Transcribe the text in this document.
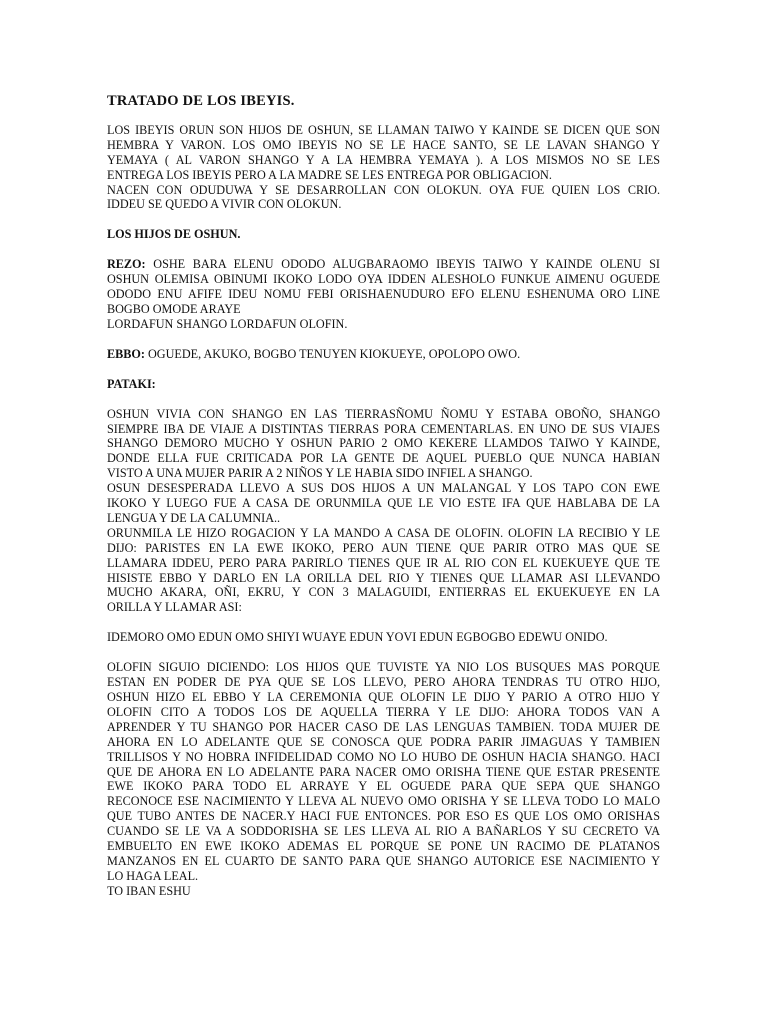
TRATADO DE LOS IBEYIS.
LOS IBEYIS ORUN SON HIJOS DE OSHUN, SE LLAMAN TAIWO Y KAINDE SE DICEN QUE SON
HEMBRA Y VARON. LOS OMO IBEYIS NO SE LE HACE SANTO, SE LE LAVAN SHANGO Y
YEMAYA ( AL VARON SHANGO Y A LA HEMBRA YEMAYA ). A LOS MISMOS NO SE LES
ENTREGA LOS IBEYIS PERO A LA MADRE SE LES ENTREGA POR OBLIGACION.
NACEN CON ODUDUWA Y SE DESARROLLAN CON OLOKUN. OYA FUE QUIEN LOS CRIO.
IDDEU SE QUEDO A VIVIR CON OLOKUN.
LOS HIJOS DE OSHUN.
REZO: OSHE BARA ELENU ODODO ALUGBARAOMO IBEYIS TAIWO Y KAINDE OLENU SI
OSHUN OLEMISA OBINUMI IKOKO LODO OYA IDDEN ALESHOLO FUNKUE AIMENU OGUEDE
ODODO ENU AFIFE IDEU NOMU FEBI ORISHAENUDURO EFO ELENU ESHENUMA ORO LINE
BOGBO OMODE ARAYE
LORDAFUN SHANGO LORDAFUN OLOFIN.
EBBO: OGUEDE, AKUKO, BOGBO TENUYEN KIOKUEYE, OPOLOPO OWO.
PATAKI:
OSHUN VIVIA CON SHANGO EN LAS TIERRASÑOMU ÑOMU Y ESTABA OBOÑO, SHANGO
SIEMPRE IBA DE VIAJE A DISTINTAS TIERRAS PORA CEMENTARLAS. EN UNO DE SUS VIAJES
SHANGO DEMORO MUCHO Y OSHUN PARIO 2 OMO KEKERE LLAMDOS TAIWO Y KAINDE,
DONDE ELLA FUE CRITICADA POR LA GENTE DE AQUEL PUEBLO QUE NUNCA HABIAN
VISTO A UNA MUJER PARIR A 2 NIÑOS Y LE HABIA SIDO INFIEL A SHANGO.
OSUN DESESPERADA LLEVO A SUS DOS HIJOS A UN MALANGAL Y LOS TAPO CON EWE
IKOKO Y LUEGO FUE A CASA DE ORUNMILA QUE LE VIO ESTE IFA QUE HABLABA DE LA
LENGUA Y DE LA CALUMNIA..
ORUNMILA LE HIZO ROGACION Y LA MANDO A CASA DE OLOFIN. OLOFIN LA RECIBIO Y LE
DIJO: PARISTES EN LA EWE IKOKO, PERO AUN TIENE QUE PARIR OTRO MAS QUE SE
LLAMARA IDDEU, PERO PARA PARIRLO TIENES QUE IR AL RIO CON EL KUEKUEYE QUE TE
HISISTE EBBO Y DARLO EN LA ORILLA DEL RIO Y TIENES QUE LLAMAR ASI LLEVANDO
MUCHO AKARA, OÑI, EKRU, Y CON 3 MALAGUIDI, ENTIERRAS EL EKUEKUEYE EN LA
ORILLA Y LLAMAR ASI:
IDEMORO OMO EDUN OMO SHIYI WUAYE EDUN YOVI EDUN EGBOGBO EDEWU ONIDO.
OLOFIN SIGUIO DICIENDO: LOS HIJOS QUE TUVISTE YA NIO LOS BUSQUES MAS PORQUE
ESTAN EN PODER DE PYA QUE SE LOS LLEVO, PERO AHORA TENDRAS TU OTRO HIJO,
OSHUN HIZO EL EBBO Y LA CEREMONIA QUE OLOFIN LE DIJO Y PARIO A OTRO HIJO Y
OLOFIN CITO A TODOS LOS DE AQUELLA TIERRA Y LE DIJO: AHORA TODOS VAN A
APRENDER Y TU SHANGO POR HACER CASO DE LAS LENGUAS TAMBIEN. TODA MUJER DE
AHORA EN LO ADELANTE QUE SE CONOSCA QUE PODRA PARIR JIMAGUAS Y TAMBIEN
TRILLISOS Y NO HOBRA INFIDELIDAD COMO NO LO HUBO DE OSHUN HACIA SHANGO. HACI
QUE DE AHORA EN LO ADELANTE PARA NACER OMO ORISHA TIENE QUE ESTAR PRESENTE
EWE IKOKO PARA TODO EL ARRAYE Y EL OGUEDE PARA QUE SEPA QUE SHANGO
RECONOCE ESE NACIMIENTO Y LLEVA AL NUEVO OMO ORISHA Y SE LLEVA TODO LO MALO
QUE TUBO ANTES DE NACER.Y HACI FUE ENTONCES. POR ESO ES QUE LOS OMO ORISHAS
CUANDO SE LE VA A SODDORISHA SE LES LLEVA AL RIO A BAÑARLOS Y SU CECRETO VA
EMBUELTO EN EWE IKOKO ADEMAS EL PORQUE SE PONE UN RACIMO DE PLATANOS
MANZANOS EN EL CUARTO DE SANTO PARA QUE SHANGO AUTORICE ESE NACIMIENTO Y
LO HAGA LEAL.
TO IBAN ESHU
